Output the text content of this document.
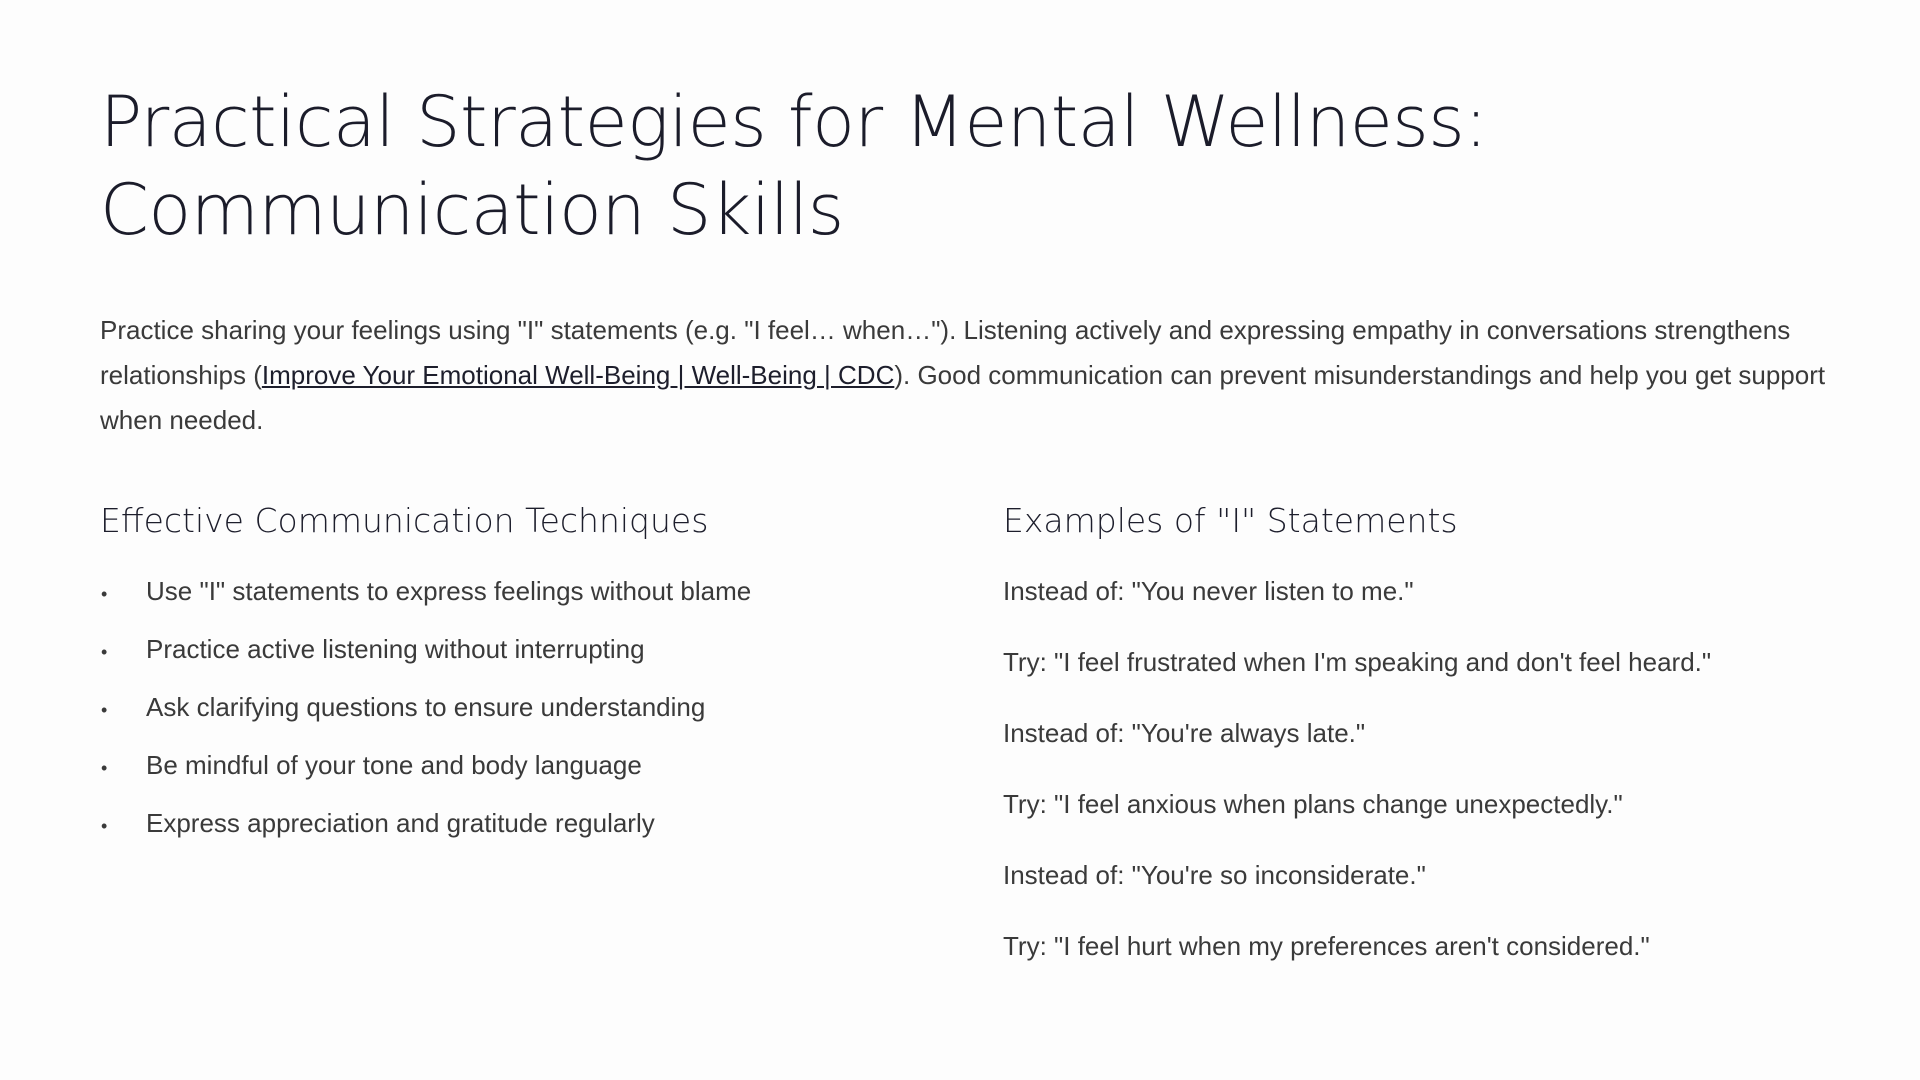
Practical Strategies for Mental Wellness: Communication Skills

Practice sharing your feelings using "I" statements (e.g. "I feel… when…"). Listening actively and expressing empathy in conversations strengthens relationships (Improve Your Emotional Well-Being | Well-Being | CDC). Good communication can prevent misunderstandings and help you get support when needed.

Effective Communication Techniques
•	Use "I" statements to express feelings without blame
•	Practice active listening without interrupting
•	Ask clarifying questions to ensure understanding
•	Be mindful of your tone and body language
•	Express appreciation and gratitude regularly
Examples of "I" Statements

Instead of: "You never listen to me."

Try: "I feel frustrated when I'm speaking and don't feel heard."

Instead of: "You're always late."

Try: "I feel anxious when plans change unexpectedly."

Instead of: "You're so inconsiderate."

Try: "I feel hurt when my preferences aren't considered."
